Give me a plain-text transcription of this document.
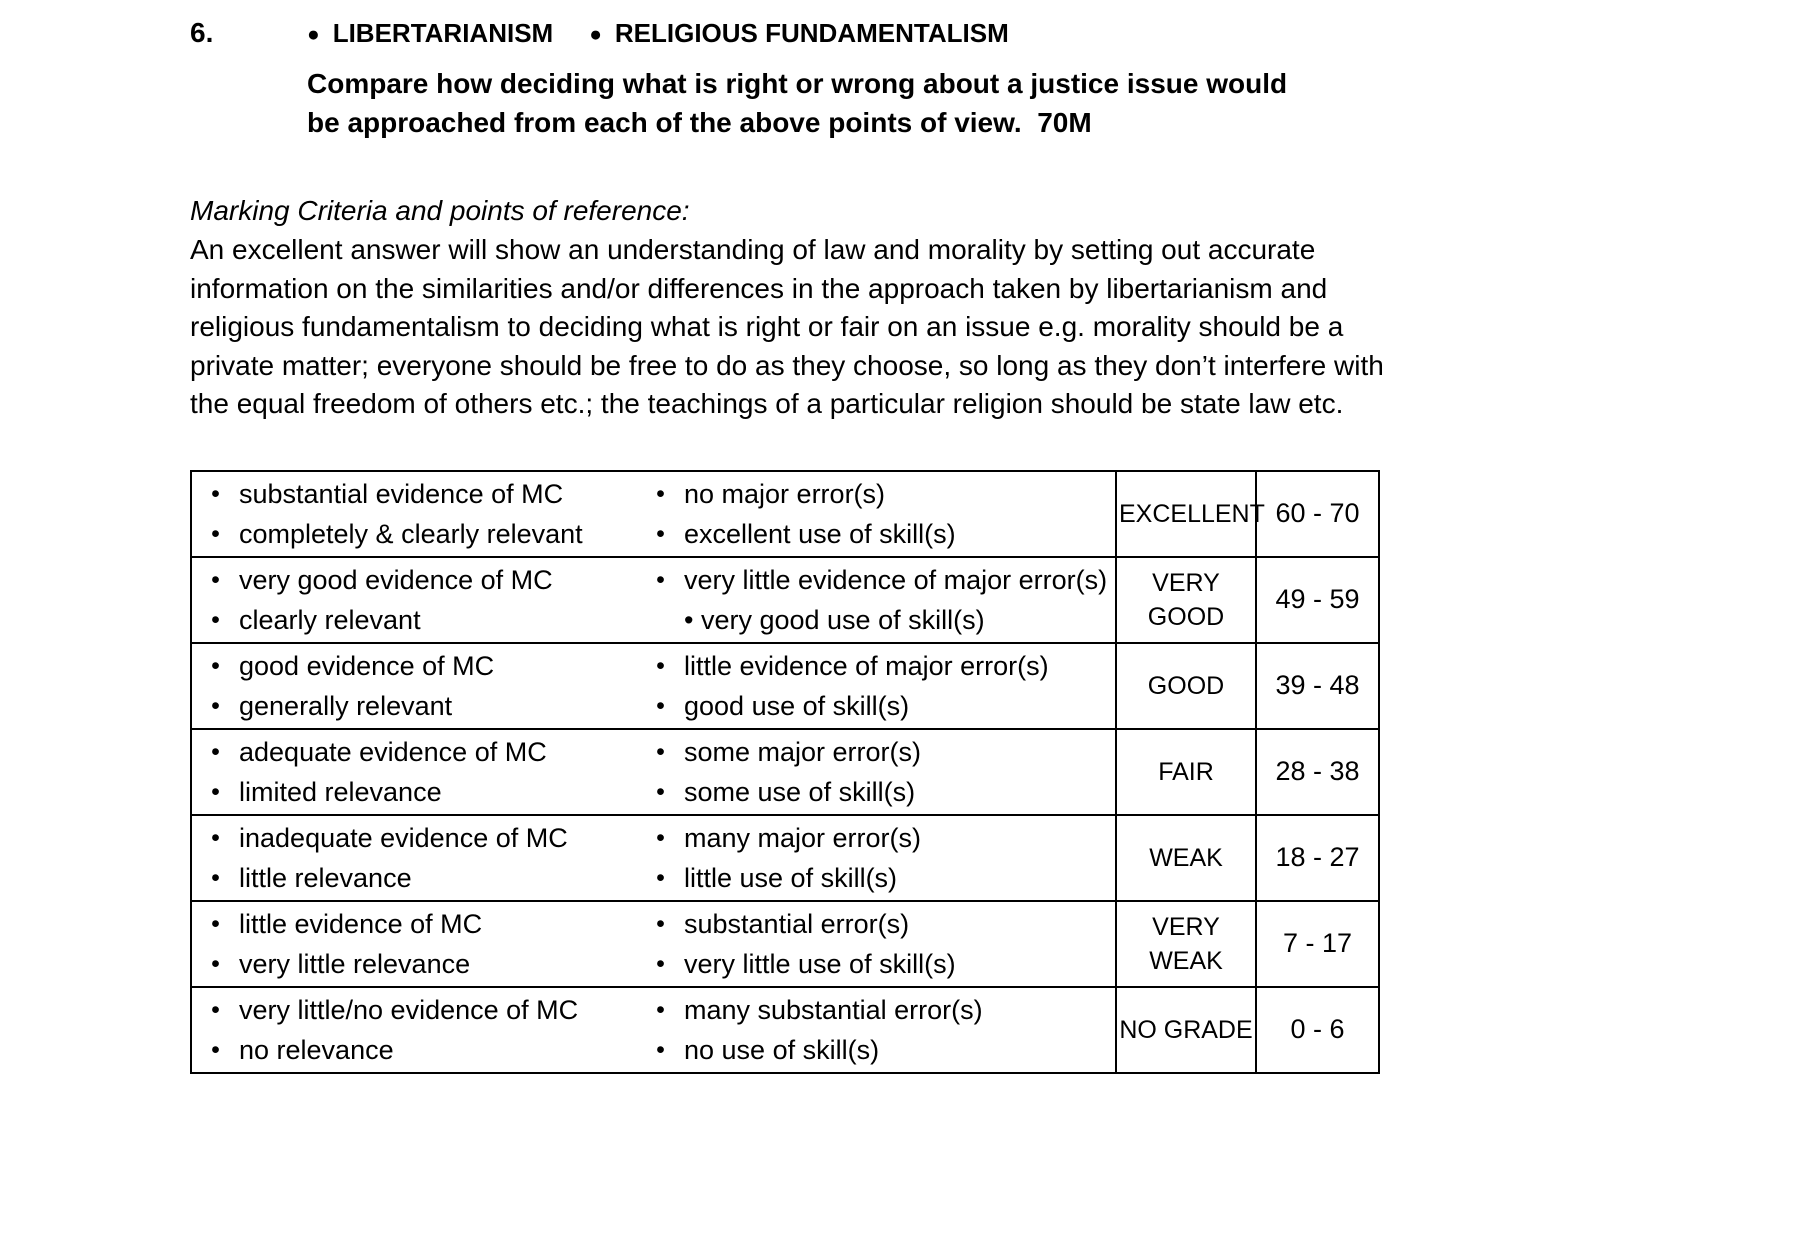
6.	● LIBERTARIANISM ● RELIGIOUS FUNDAMENTALISM
Compare how deciding what is right or wrong about a justice issue would
be approached from each of the above points of view.  70M
Marking Criteria and points of reference:

An excellent answer will show an understanding of law and morality by setting out accurate information on the similarities and/or differences in the approach taken by libertarianism and religious fundamentalism to deciding what is right or fair on an issue e.g. morality should be a private matter; everyone should be free to do as they choose, so long as they don’t interfere with the equal freedom of others etc.; the teachings of a particular religion should be state law etc.

• substantial evidence of MC
• completely & clearly relevant

• no major error(s)
• excellent use of skill(s)
	EXCELLENT	60 - 70

• very good evidence of MC
• clearly relevant

• very little evidence of major error(s) • very good use of skill(s)
	VERY GOOD	49 - 59

• good evidence of MC
• generally relevant

• little evidence of major error(s)
• good use of skill(s)
	GOOD	39 - 48

• adequate evidence of MC
• limited relevance

• some major error(s)
• some use of skill(s)
	FAIR	28 - 38

• inadequate evidence of MC
• little relevance

• many major error(s)
• little use of skill(s)
	WEAK	18 - 27

• little evidence of MC
• very little relevance

• substantial error(s)
• very little use of skill(s)
	VERY WEAK	7 - 17

• very little/no evidence of MC
• no relevance

• many substantial error(s)
• no use of skill(s)
	NO GRADE	0 - 6
